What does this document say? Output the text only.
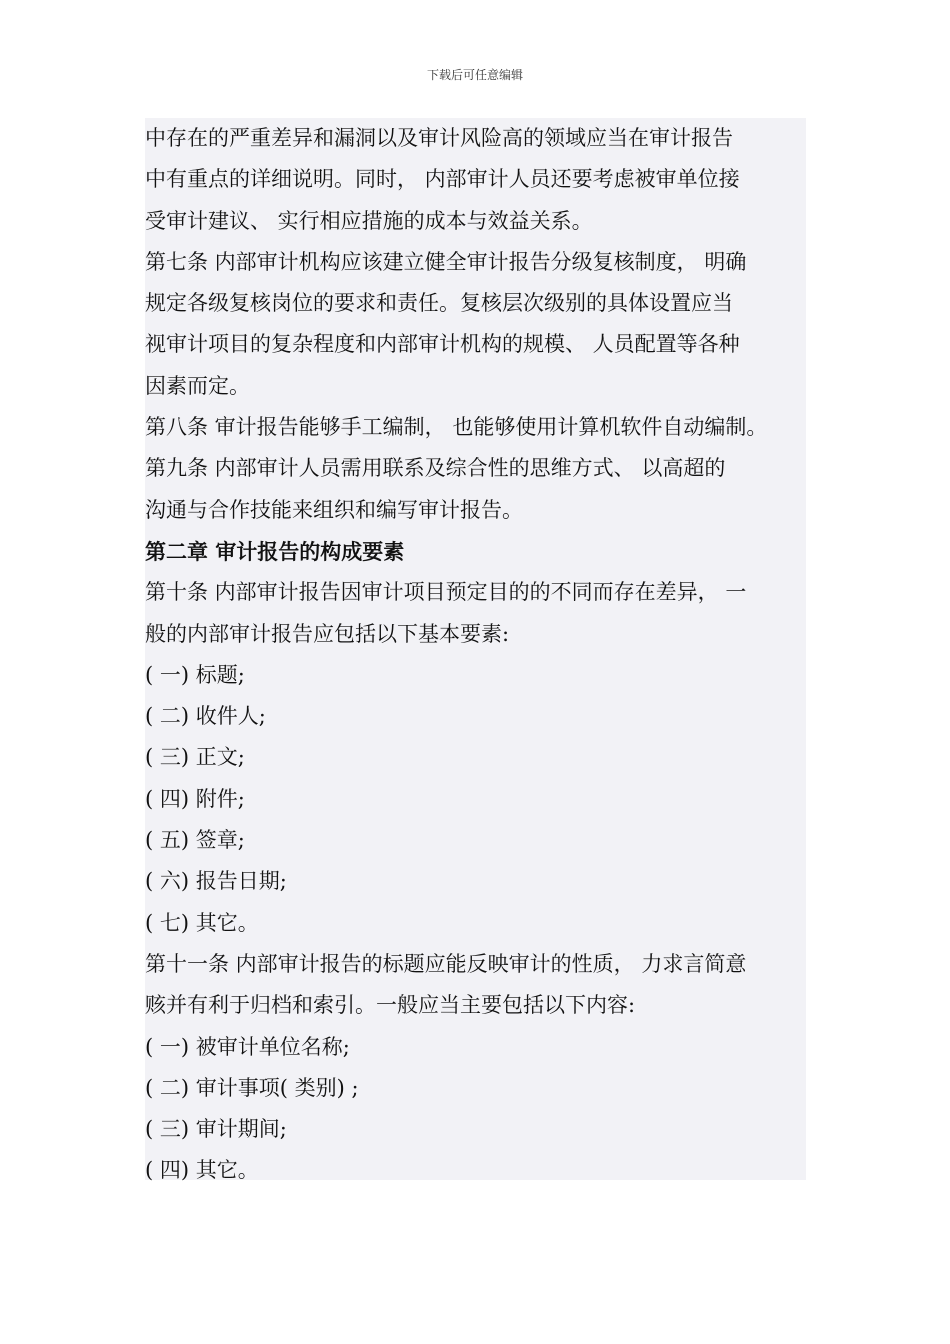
下载后可任意编辑
中存在的严重差异和漏洞以及审计风险高的领域应当在审计报告
中有重点的详细说明。同时， 内部审计人员还要考虑被审单位接
受审计建议、 实行相应措施的成本与效益关系。
第七条 内部审计机构应该建立健全审计报告分级复核制度， 明确
规定各级复核岗位的要求和责任。复核层次级别的具体设置应当
视审计项目的复杂程度和内部审计机构的规模、 人员配置等各种
因素而定。
第八条 审计报告能够手工编制， 也能够使用计算机软件自动编制。
第九条 内部审计人员需用联系及综合性的思维方式、 以高超的
沟通与合作技能来组织和编写审计报告。
第二章 审计报告的构成要素
第十条 内部审计报告因审计项目预定目的的不同而存在差异， 一
般的内部审计报告应包括以下基本要素:
( 一) 标题;
( 二) 收件人;
( 三) 正文;
( 四) 附件;
( 五) 签章;
( 六) 报告日期;
( 七) 其它。
第十一条 内部审计报告的标题应能反映审计的性质， 力求言简意
赅并有利于归档和索引。一般应当主要包括以下内容:
( 一) 被审计单位名称;
( 二) 审计事项( 类别) ;
( 三) 审计期间;
( 四) 其它。
